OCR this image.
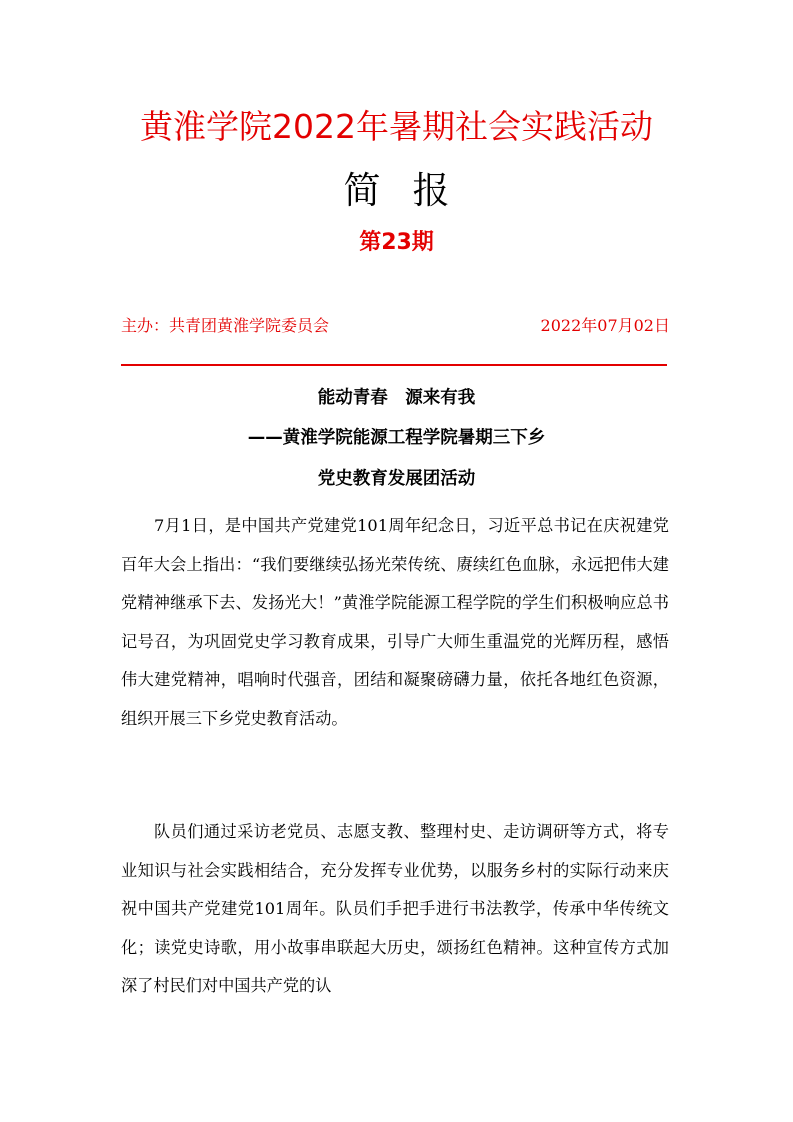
黄淮学院2022年暑期社会实践活动
简报
第23期
主办：共青团黄淮学院委员会	2022年07月02日
能动青春　源来有我
——黄淮学院能源工程学院暑期三下乡
党史教育发展团活动

7月1日，是中国共产党建党101周年纪念日，习近平总书记在庆祝建党百年大会上指出：“我们要继续弘扬光荣传统、赓续红色血脉，永远把伟大建党精神继承下去、发扬光大！”黄淮学院能源工程学院的学生们积极响应总书记号召，为巩固党史学习教育成果，引导广大师生重温党的光辉历程，感悟伟大建党精神，唱响时代强音，团结和凝聚磅礴力量，依托各地红色资源，组织开展三下乡党史教育活动。

队员们通过采访老党员、志愿支教、整理村史、走访调研等方式，将专业知识与社会实践相结合，充分发挥专业优势，以服务乡村的实际行动来庆祝中国共产党建党101周年。队员们手把手进行书法教学，传承中华传统文化；读党史诗歌，用小故事串联起大历史，颂扬红色精神。这种宣传方式加深了村民们对中国共产党的认
